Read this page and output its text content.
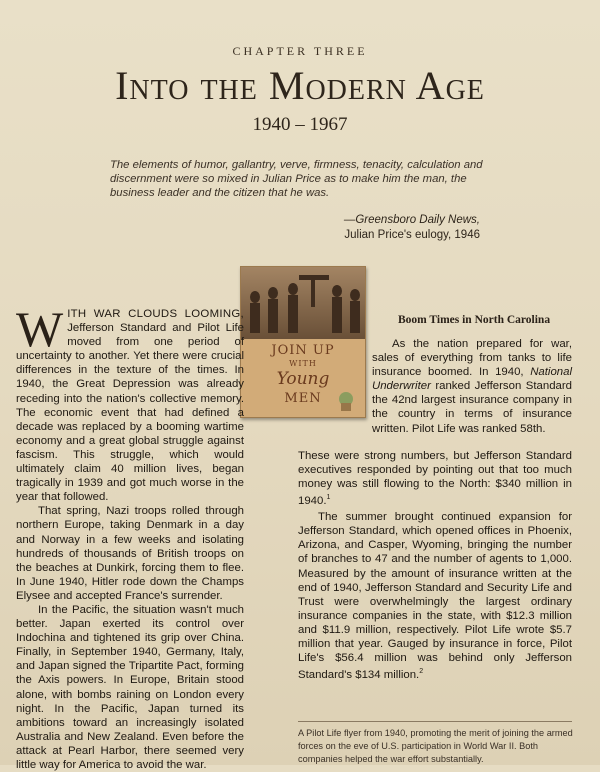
CHAPTER THREE
Into the Modern Age
1940 – 1967
The elements of humor, gallantry, verve, firmness, tenacity, calculation and discernment were so mixed in Julian Price as to make him the man, the business leader and the citizen that he was.
—Greensboro Daily News,
Julian Price's eulogy, 1946
JOIN UP
WITH
Young
MEN

WITH WAR CLOUDS LOOMING, Jefferson Standard and Pilot Life moved from one period of uncertainty to another. Yet there were crucial differences in the texture of the times. In 1940, the Great Depression was already receding into the nation's collective memory. The economic event that had defined a decade was replaced by a booming wartime economy and a great global struggle against fascism. This struggle, which would ultimately claim 40 million lives, began tragically in 1939 and got much worse in the year that followed.

That spring, Nazi troops rolled through northern Europe, taking Denmark in a day and Norway in a few weeks and isolating hundreds of thousands of British troops on the beaches at Dunkirk, forcing them to flee. In June 1940, Hitler rode down the Champs Elysee and accepted France's surrender.

In the Pacific, the situation wasn't much better. Japan exerted its control over Indochina and tightened its grip over China. Finally, in September 1940, Germany, Italy, and Japan signed the Tripartite Pact, forming the Axis powers. In Europe, Britain stood alone, with bombs raining on London every night. In the Pacific, Japan turned its ambitions toward an increasingly isolated Australia and New Zealand. Even before the attack at Pearl Harbor, there seemed very little way for America to avoid the war.

Boom Times in North Carolina

As the nation prepared for war, sales of everything from tanks to life insurance boomed. In 1940, National Underwriter ranked Jefferson Standard the 42nd largest insurance company in the country in terms of insurance written. Pilot Life was ranked 58th.

These were strong numbers, but Jefferson Standard executives responded by pointing out that too much money was still flowing to the North: $340 million in 1940.$^1$

The summer brought continued expansion for Jefferson Standard, which opened offices in Phoenix, Arizona, and Casper, Wyoming, bringing the number of branches to 47 and the number of agents to 1,000. Measured by the amount of insurance written at the end of 1940, Jefferson Standard and Security Life and Trust were overwhelmingly the largest ordinary insurance companies in the state, with $12.3 million and $11.9 million, respectively. Pilot Life wrote $5.7 million that year. Gauged by insurance in force, Pilot Life's $56.4 million was behind only Jefferson Standard's $134 million.$^2$

A Pilot Life flyer from 1940, promoting the merit of joining the armed forces on the eve of U.S. participation in World War II. Both companies helped the war effort substantially.
